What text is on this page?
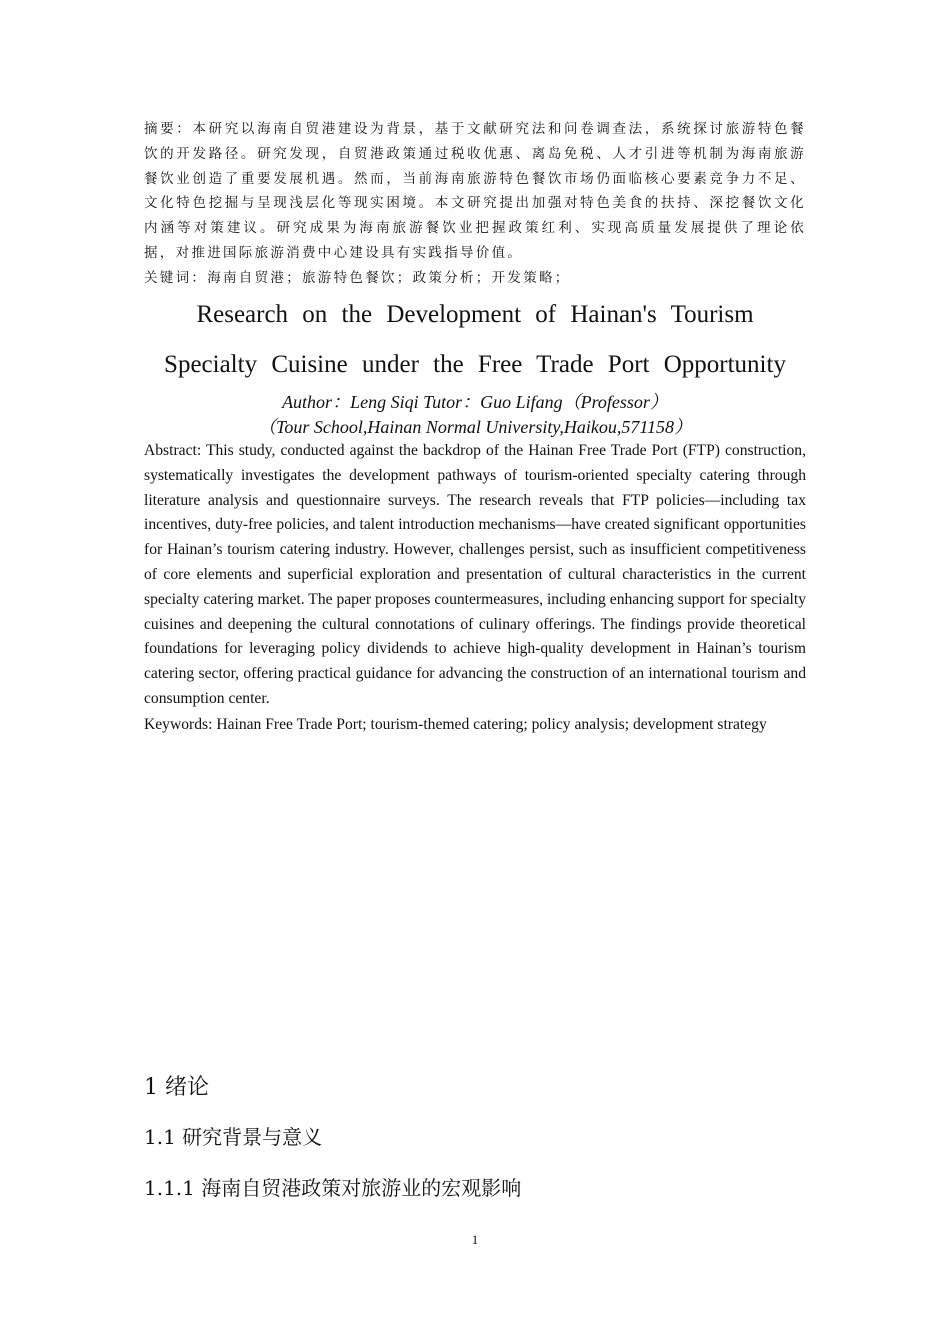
摘要：本研究以海南自贸港建设为背景，基于文献研究法和问卷调查法，系统探讨旅游特色餐饮的开发路径。研究发现，自贸港政策通过税收优惠、离岛免税、人才引进等机制为海南旅游餐饮业创造了重要发展机遇。然而，当前海南旅游特色餐饮市场仍面临核心要素竞争力不足、文化特色挖掘与呈现浅层化等现实困境。本文研究提出加强对特色美食的扶持、深挖餐饮文化内涵等对策建议。研究成果为海南旅游餐饮业把握政策红利、实现高质量发展提供了理论依据，对推进国际旅游消费中心建设具有实践指导价值。

关键词：海南自贸港；旅游特色餐饮；政策分析；开发策略；

Research on the Development of Hainan's Tourism
Specialty Cuisine under the Free Trade Port Opportunity

Author：Leng Siqi Tutor：Guo Lifang（Professor）

（Tour School,Hainan Normal University,Haikou,571158）

Abstract: This study, conducted against the backdrop of the Hainan Free Trade Port (FTP) construction, systematically investigates the development pathways of tourism-oriented specialty catering through literature analysis and questionnaire surveys. The research reveals that FTP policies—including tax incentives, duty-free policies, and talent introduction mechanisms—have created significant opportunities for Hainan’s tourism catering industry. However, challenges persist, such as insufficient competitiveness of core elements and superficial exploration and presentation of cultural characteristics in the current specialty catering market. The paper proposes countermeasures, including enhancing support for specialty cuisines and deepening the cultural connotations of culinary offerings. The findings provide theoretical foundations for leveraging policy dividends to achieve high-quality development in Hainan’s tourism catering sector, offering practical guidance for advancing the construction of an international tourism and consumption center.

Keywords: Hainan Free Trade Port; tourism-themed catering; policy analysis; development strategy

1 绪论
1.1 研究背景与意义
1.1.1 海南自贸港政策对旅游业的宏观影响
1
